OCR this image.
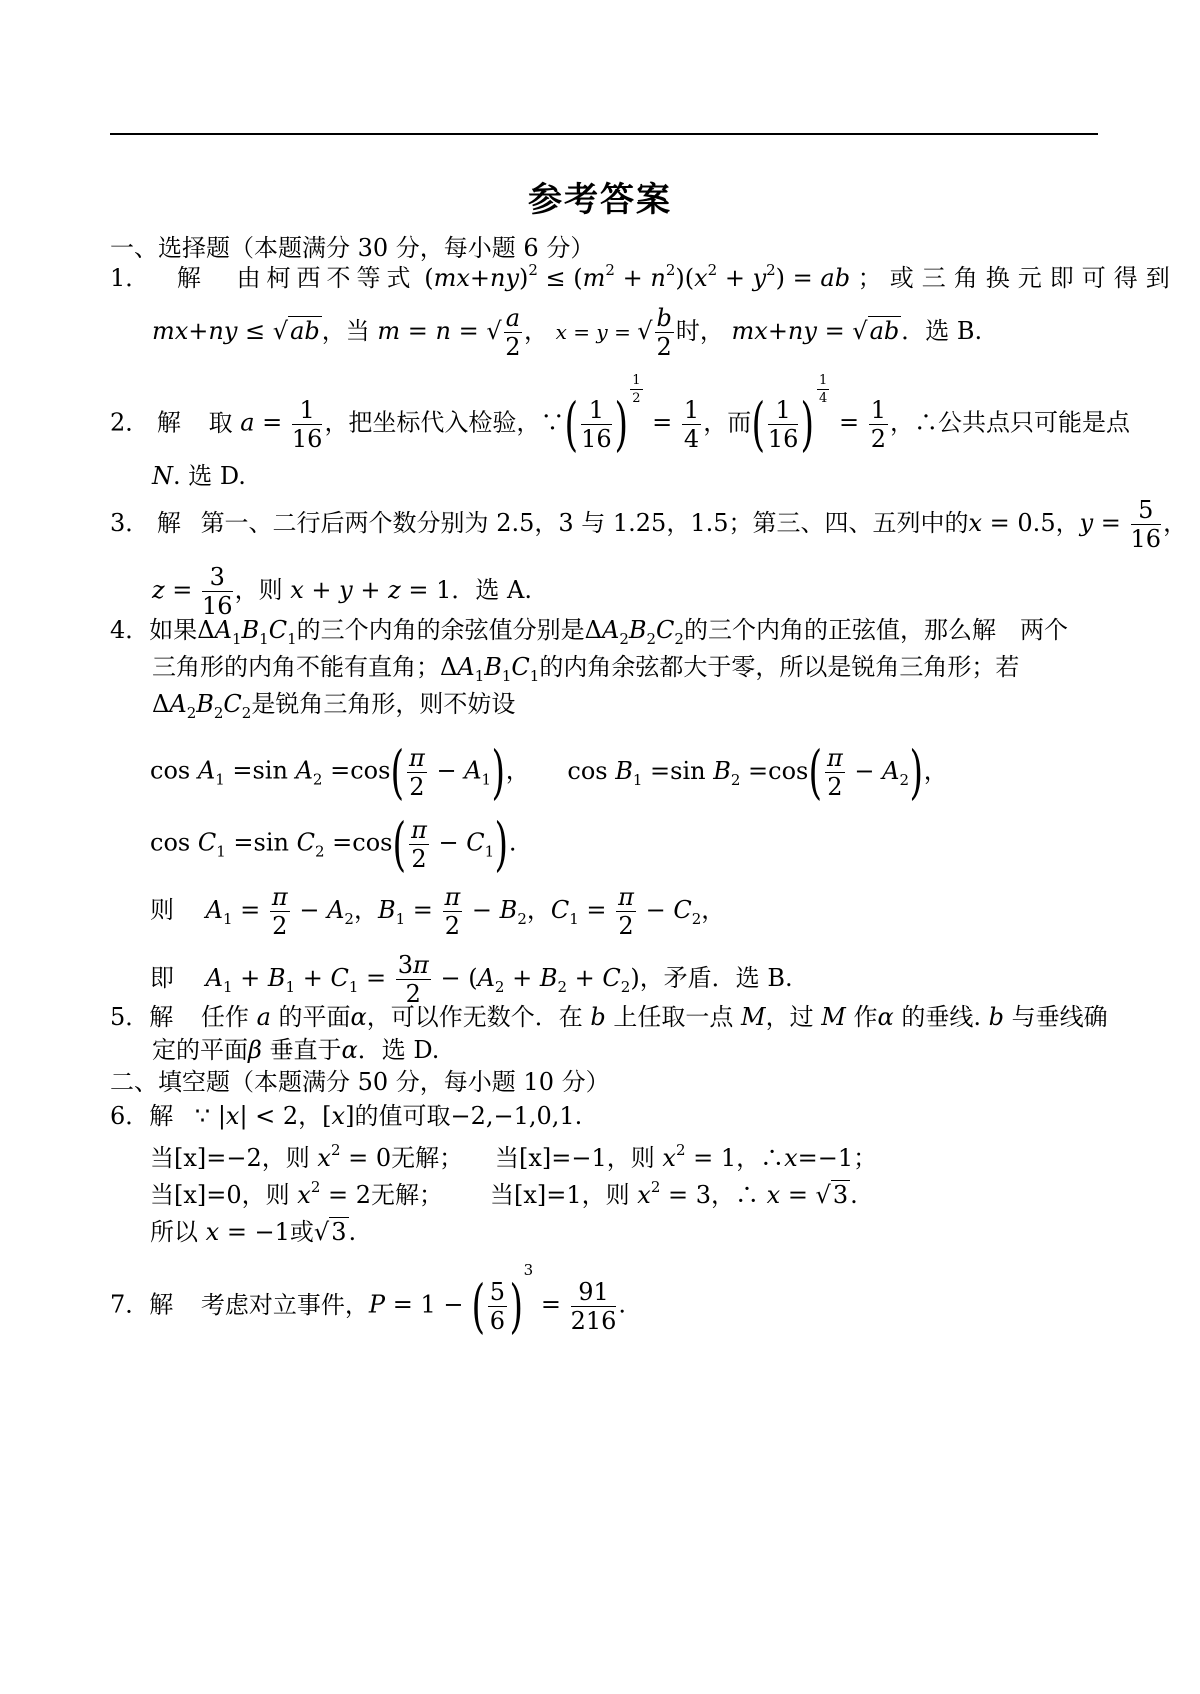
参考答案
一、选择题（本题满分 30 分，每小题 6 分）
1． 解 由柯西不等式 $(mx+ny)^2 \le (m^2 + n^2)(x^2 + y^2)$ = ab ；或三角换元即可得到
mx+ny ≤ √ab，当 m = n = √ $\frac{a}{2}$ ， x = y = √ $\frac{b}{2}$ 时， mx+ny = √ab．选 B.
2． 解 取 $a = \frac{1}{16}$ ，把坐标代入检验，∵( $\frac{1}{16}$ )
$^{\frac{1}{2}}$
= $\frac{1}{4}$ ，而( $\frac{1}{16}$ )
$^{\frac{1}{4}}$
= $\frac{1}{2}$ ，∴公共点只可能是点
N. 选 D.
3． 解 第一、二行后两个数分别为 2.5，3 与 1.25，1.5；第三、四、五列中的x = 0.5，$y = \frac{5}{16}$ ，
$z = \frac{3}{16}$ ，则 x + y + z = 1．选 A.
4．如果$\Delta A_1B_1C_1$的三个内角的余弦值分别是$\Delta A_2B_2C_2$的三个内角的正弦值，那么解　两个
三角形的内角不能有直角；$\Delta A_1B_1C_1$的内角余弦都大于零，所以是锐角三角形；若
$\Delta A_2B_2C_2$是锐角三角形，则不妨设
$\cos A_1 =\sin$ $A_2 =\cos( \frac{\pi}{2} - A_1)$， $\cos B_1 =\sin$ $B_2 =\cos( \frac{\pi}{2} - A_2)$，
$\cos C_1 =\sin$ $C_2 =\cos( \frac{\pi}{2} - C_1)$.
则 $A_1 = \frac{\pi}{2} - A_2$，$B_1 = \frac{\pi}{2} - B_2$，$C_1 = \frac{\pi}{2} - C_2$，
即 $A_1 + B_1 + C_1 = \frac{3\pi}{2} - (A_2 + B_2 + C_2)$，矛盾．选 B.
5．解 任作 a 的平面α，可以作无数个．在 b 上任取一点 M，过 M 作α 的垂线. b 与垂线确
定的平面β 垂直于α．选 D.
二、填空题（本题满分 50 分，每小题 10 分）
6．解 ∵ |x| < 2，[x]的值可取−2,−1,0,1.
当[x]=−2，则 $x^2 = 0$无解； 当[x]=−1，则 $x^2 = 1$，∴x=−1；
当[x]=0，则 $x^2 = 2$无解； 当[x]=1，则 $x^2 = 3$，∴ x = √3.
所以 x = −1或√3.
7．解 考虑对立事件，P = 1 − ( $\frac{5}{6} )^3 = \frac{91}{216}$ .
